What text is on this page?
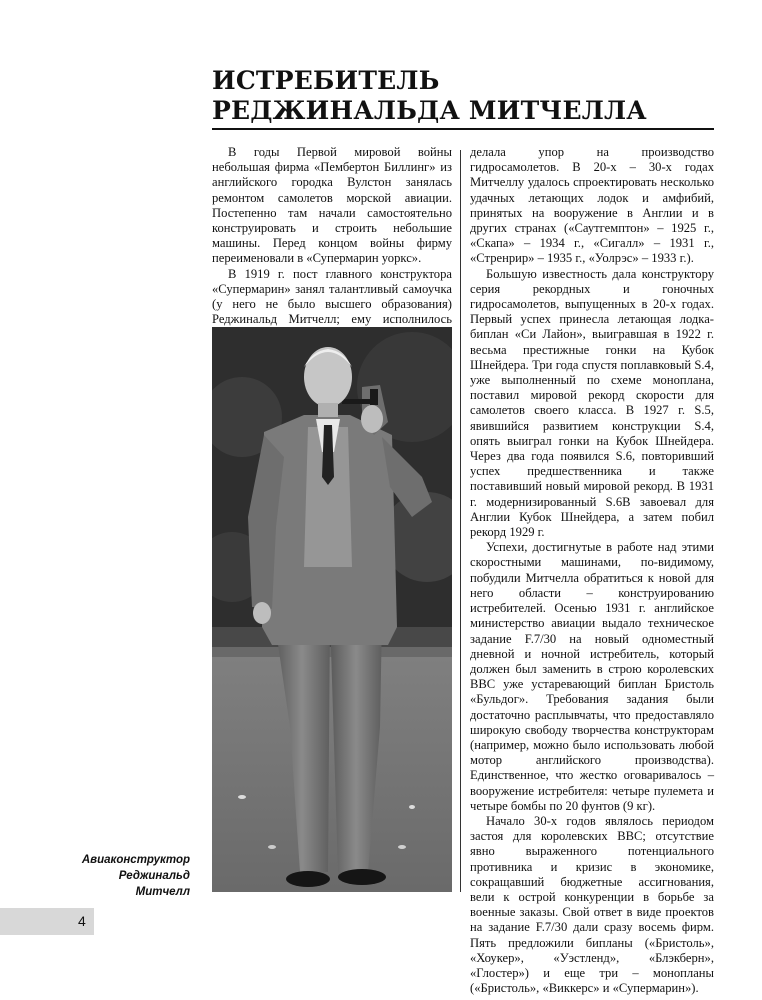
ИСТРЕБИТЕЛЬ
РЕДЖИНАЛЬДА МИТЧЕЛЛА

В годы Первой мировой войны небольшая фирма «Пембертон Биллинг» из английского городка Вулстон занялась ремонтом самолетов морской авиации. Постепенно там начали самостоятельно конструировать и строить небольшие машины. Перед концом войны фирму переименовали в «Супермарин уоркс».

В 1919 г. пост главного конструктора «Супермарин» занял талантливый самоучка (у него не было высшего образования) Реджинальд Митчелл; ему исполнилось

делала упор на производство гидросамолетов. В 20-х – 30-х годах Митчеллу удалось спроектировать несколько удачных летающих лодок и амфибий, принятых на вооружение в Англии и в других странах («Саутгемптон» – 1925 г., «Скапа» – 1934 г., «Сигалл» – 1931 г., «Стренрир» – 1935 г., «Уолрэс» – 1933 г.).

Большую известность дала конструктору серия рекордных и гоночных гидросамолетов, выпущенных в 20-х годах. Первый успех принесла летающая лодка-биплан «Си Лайон», выигравшая в 1922 г. весьма престижные гонки на Кубок Шнейдера. Три года спустя поплавковый S.4, уже выполненный по схеме моноплана, поставил мировой рекорд скорости для самолетов своего класса. В 1927 г. S.5, явившийся развитием конструкции S.4, опять выиграл гонки на Кубок Шнейдера. Через два года появился S.6, повторивший успех предшественника и также поставивший новый мировой рекорд. В 1931 г. модернизированный S.6B завоевал для Англии Кубок Шнейдера, а затем побил рекорд 1929 г.

Успехи, достигнутые в работе над этими скоростными машинами, по-видимому, побудили Митчелла обратиться к новой для него области – конструированию истребителей. Осенью 1931 г. английское министерство авиации выдало техническое задание F.7/30 на новый одноместный дневной и ночной истребитель, который должен был заменить в строю королевских ВВС уже устаревающий биплан Бристоль «Бульдог». Требования задания были достаточно расплывчаты, что предоставляло широкую свободу творчества конструкторам (например, можно было использовать любой мотор английского производства). Единственное, что жестко оговаривалось – вооружение истребителя: четыре пулемета и четыре бомбы по 20 фунтов (9 кг).

Начало 30-х годов являлось периодом застоя для королевских ВВС; отсутствие явно выраженного потенциального противника и кризис в экономике, сокращавший бюджетные ассигнования, вели к острой конкуренции в борьбе за военные заказы. Свой ответ в виде проектов на задание F.7/30 дали сразу восемь фирм. Пять предложили бипланы («Бристоль», «Хоукер», «Уэстленд», «Блэкберн», «Глостер») и еще три – монопланы («Бристоль», «Виккерс» и «Супермарин»).

Авиаконструктор
Реджинальд
Митчелл
4
